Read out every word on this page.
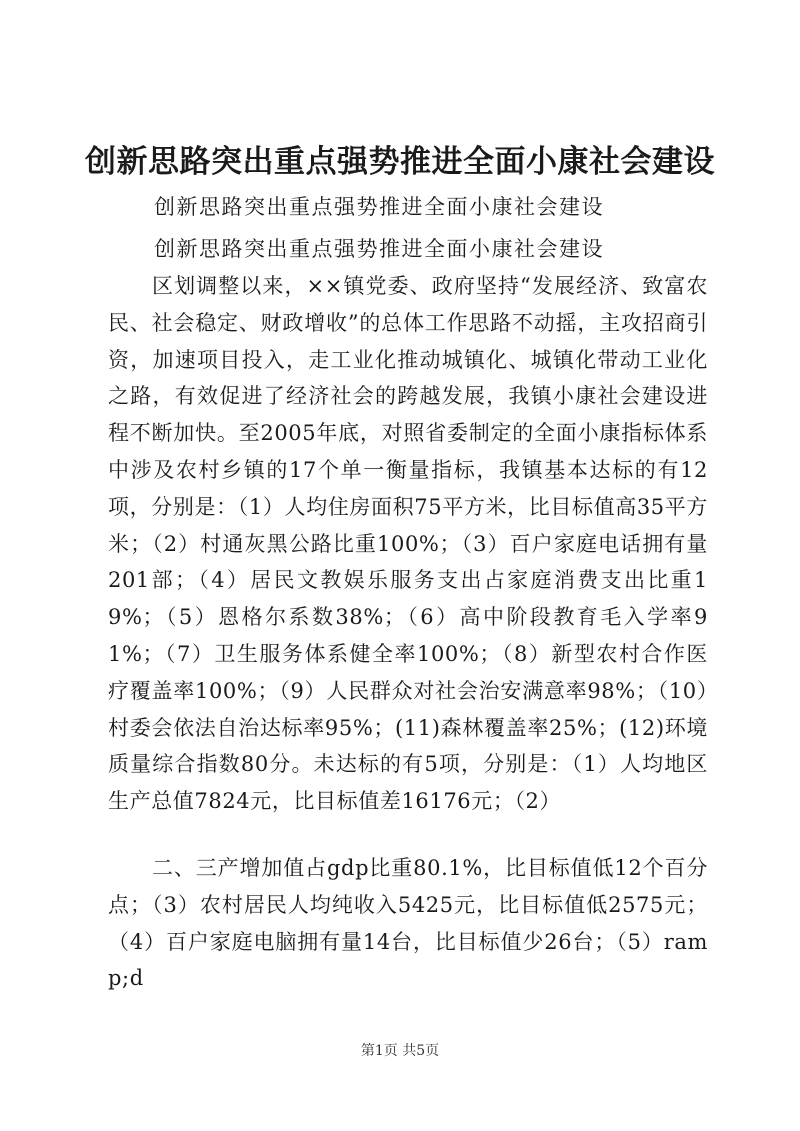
创新思路突出重点强势推进全面小康社会建设
创新思路突出重点强势推进全面小康社会建设
创新思路突出重点强势推进全面小康社会建设
区划调整以来，××镇党委、政府坚持“发展经济、致富农民、社会稳定、财政增收”的总体工作思路不动摇，主攻招商引资，加速项目投入，走工业化推动城镇化、城镇化带动工业化之路，有效促进了经济社会的跨越发展，我镇小康社会建设进程不断加快。至2005年底，对照省委制定的全面小康指标体系中涉及农村乡镇的17个单一衡量指标，我镇基本达标的有12项，分别是：（1）人均住房面积75平方米，比目标值高35平方米；（2）村通灰黑公路比重100%；（3）百户家庭电话拥有量201部；（4）居民文教娱乐服务支出占家庭消费支出比重19%；（5）恩格尔系数38%；（6）高中阶段教育毛入学率91%；（7）卫生服务体系健全率100%；（8）新型农村合作医疗覆盖率100%；（9）人民群众对社会治安满意率98%；（10）村委会依法自治达标率95%；(11)森林覆盖率25%；(12)环境质量综合指数80分。未达标的有5项，分别是：（1）人均地区生产总值7824元，比目标值差16176元；（2）
二、三产增加值占gdp比重80.1%，比目标值低12个百分点；（3）农村居民人均纯收入5425元，比目标值低2575元；（4）百户家庭电脑拥有量14台，比目标值少26台；（5）ramp;d
第1页 共5页
